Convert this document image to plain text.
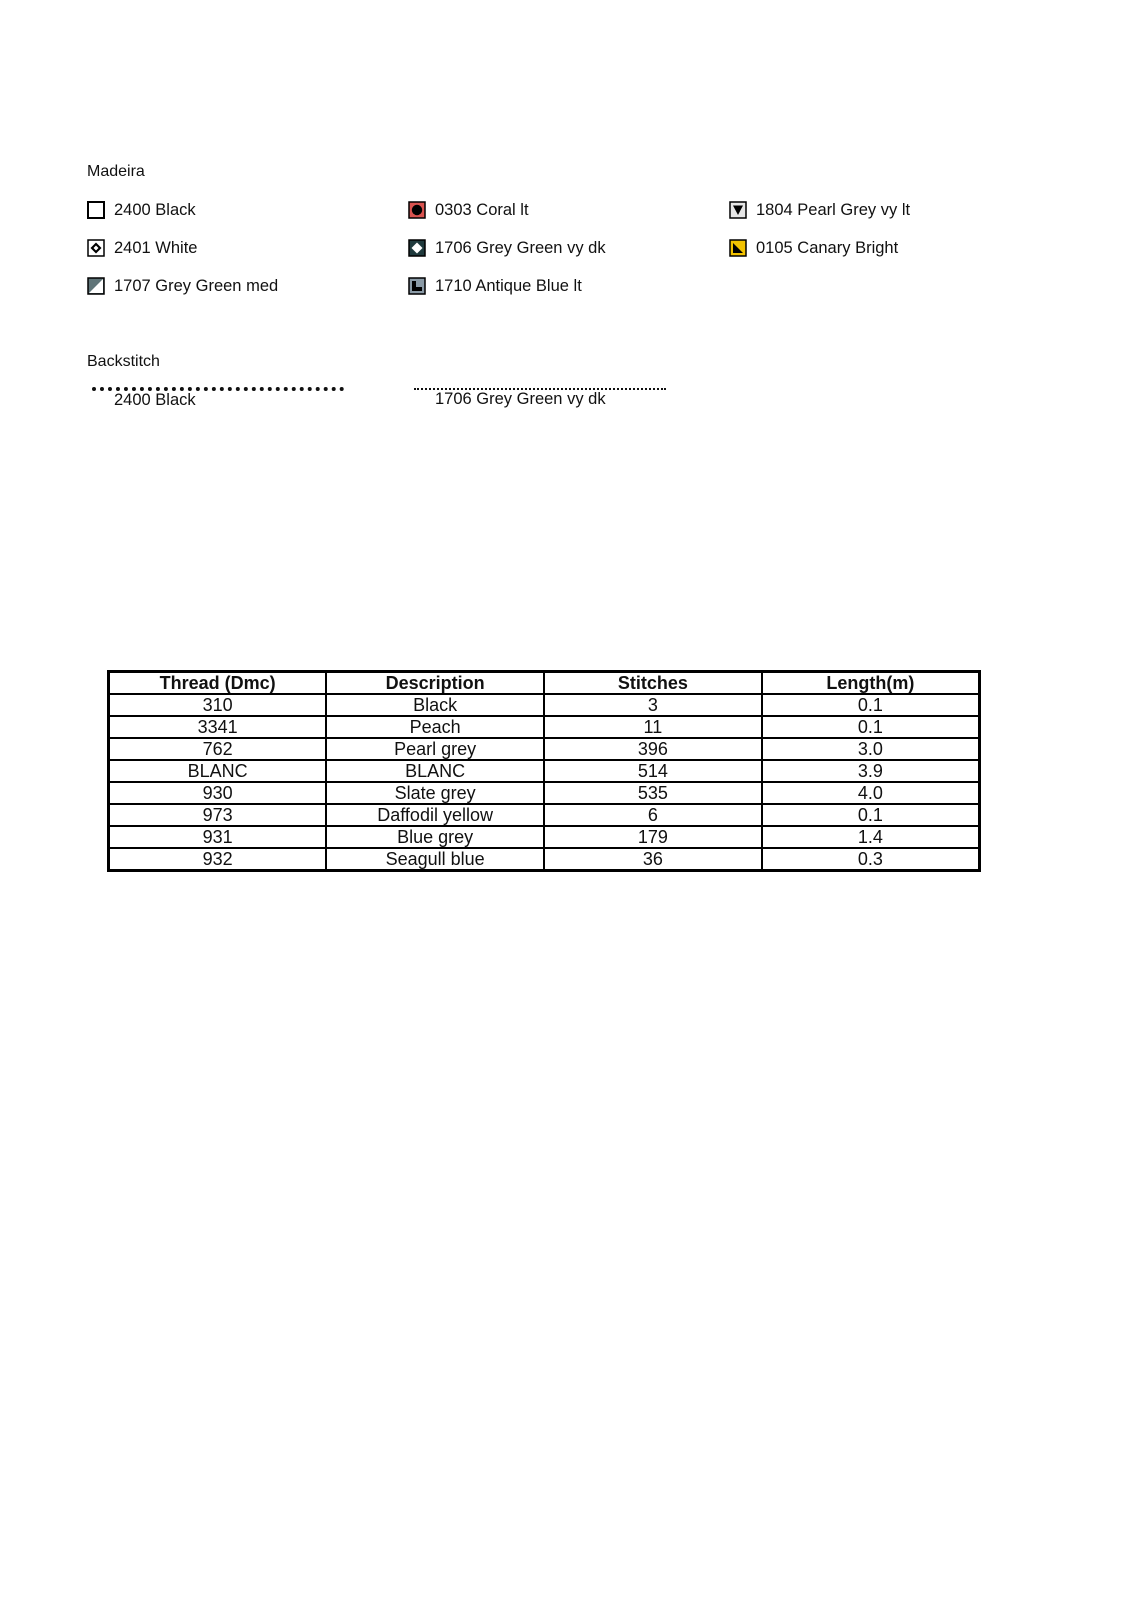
Madeira
2400 Black	0303 Coral lt	1804 Pearl Grey vy lt
2401 White	1706 Grey Green vy dk	0105 Canary Bright
1707 Grey Green med	1710 Antique Blue lt
Backstitch
2400 Black	1706 Grey Green vy dk
Thread (Dmc)	Description	Stitches	Length(m)
310	Black	3	0.1
3341	Peach	11	0.1
762	Pearl grey	396	3.0
BLANC	BLANC	514	3.9
930	Slate grey	535	4.0
973	Daffodil yellow	6	0.1
931	Blue grey	179	1.4
932	Seagull blue	36	0.3
